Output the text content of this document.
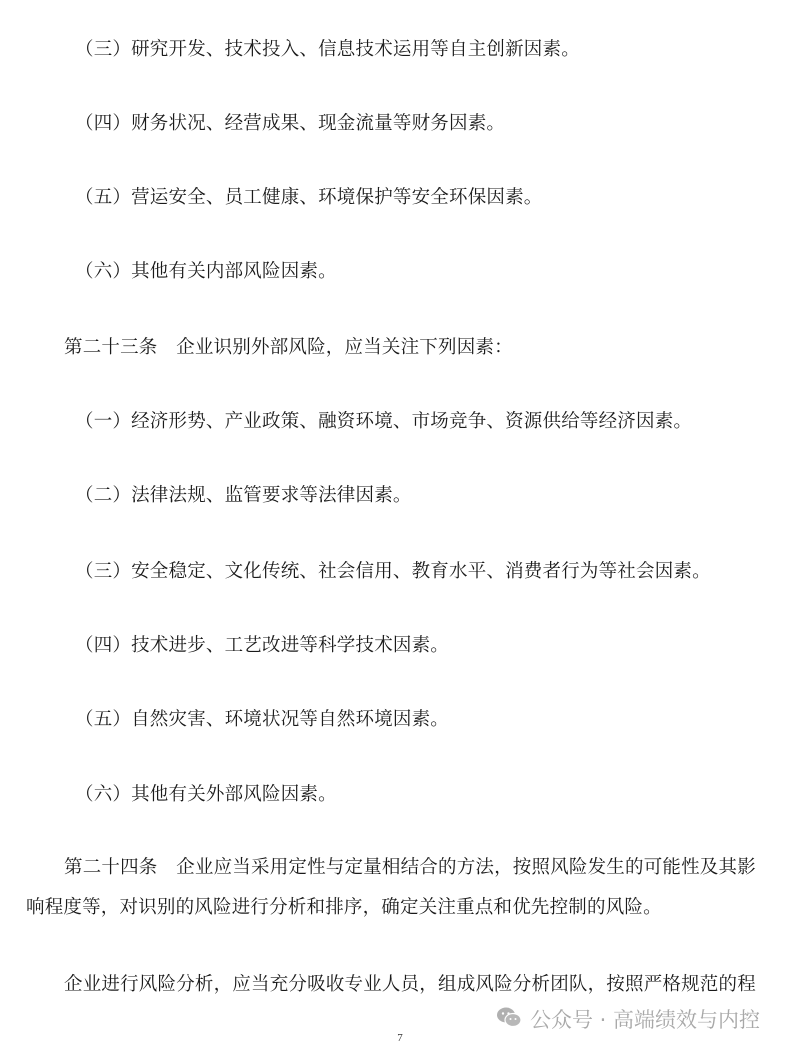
（三）研究开发、技术投入、信息技术运用等自主创新因素。
（四）财务状况、经营成果、现金流量等财务因素。
（五）营运安全、员工健康、环境保护等安全环保因素。
（六）其他有关内部风险因素。
第二十三条　企业识别外部风险，应当关注下列因素：
（一）经济形势、产业政策、融资环境、市场竞争、资源供给等经济因素。
（二）法律法规、监管要求等法律因素。
（三）安全稳定、文化传统、社会信用、教育水平、消费者行为等社会因素。
（四）技术进步、工艺改进等科学技术因素。
（五）自然灾害、环境状况等自然环境因素。
（六）其他有关外部风险因素。
第二十四条　企业应当采用定性与定量相结合的方法，按照风险发生的可能性及其影
响程度等，对识别的风险进行分析和排序，确定关注重点和优先控制的风险。
企业进行风险分析，应当充分吸收专业人员，组成风险分析团队，按照严格规范的程
公众号 · 高端绩效与内控
7
